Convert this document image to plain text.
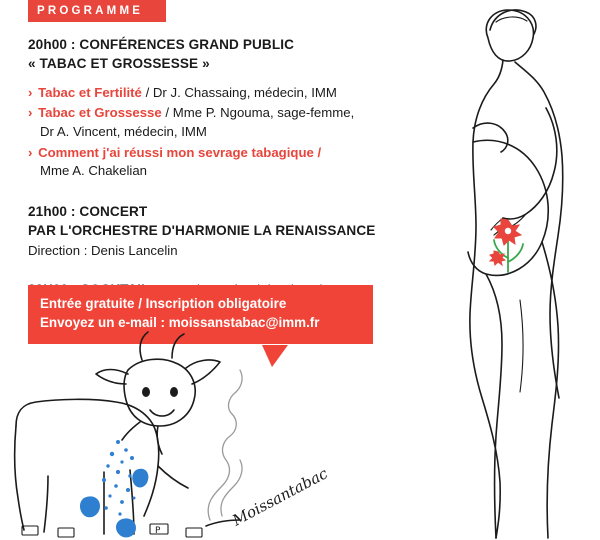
PROGRAMME
20h00 : CONFÉRENCES GRAND PUBLIC
« TABAC ET GROSSESSE »
› Tabac et Fertilité / Dr J. Chassaing, médecin, IMM
› Tabac et Grossesse / Mme P. Ngouma, sage-femme,
Dr A. Vincent, médecin, IMM
› Comment j'ai réussi mon sevrage tabagique /
Mme A. Chakelian
21h00 : CONCERT
PAR L'ORCHESTRE D'HARMONIE LA RENAISSANCE
Direction : Denis Lancelin
Entrée gratuite / Inscription obligatoire
Envoyez un e-mail : moissanstabac@imm.fr
P
Moissantabac
